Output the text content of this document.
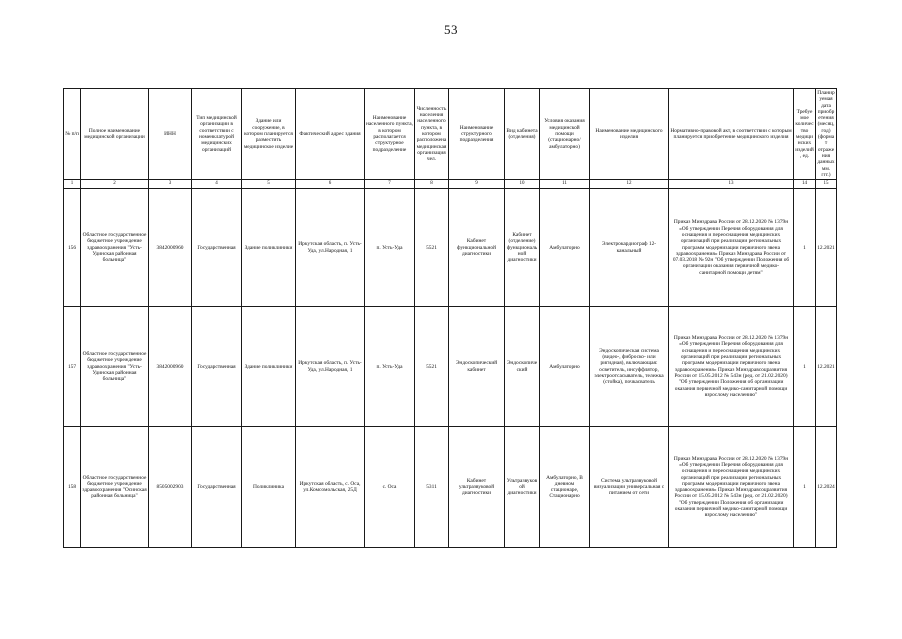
53
№ п/п	Полное наименование медицинской организации	ИНН	Тип медицинской организации в соответствии с номенклатурой медицинских организаций	Здание или сооружение, в котором планируется разместить медицинское изделие	Фактический адрес здания	Наименование населенного пункта, в котором располагается структурное подразделение	Численность населения населенного пункта, в котором расположена медицинская организация чел.	Наименование структурного подразделения	Вид кабинета (отделения)	Условия оказания медицинской помощи (стационарно/амбулаторно)	Наименование медицинского изделия	Нормативно-правовой акт, в соответствии с которым планируется приобретение медицинского изделия	Требуемое количество медицинских изделий, ед.	Планируемая дата приобретения (месяц, год) (формат отражения данных мм. ггг.)
1	2	3	4	5	6	7	8	9	10	11	12	13	14	15
156	Областное государственное бюджетное учреждение здравоохранения "Усть-Удинская районная больница"	3842000960	Государственная	Здание поликлиники	Иркутская область, п. Усть-Уда, ул.Народная, 1	п. Усть-Уда	5521	Кабинет функциональной диагностики	Кабинет (отделение) функциональной диагностики	Амбулаторно	Электрокардиограф 12-канальный	Приказ Минздрава России от 28.12.2020 № 1379н «Об утверждении Перечня оборудования для оснащения и переоснащения медицинских организаций при реализации региональных программ модернизации первичного звена здравоохранения» Приказ Минздрава России от 07.03.2018 № 92н "Об утверждении Положения об организации оказания первичной медико-санитарной помощи детям"	1	12.2021
157	Областное государственное бюджетное учреждение здравоохранения "Усть-Удинская районная больница"	3842000960	Государственная	Здание поликлиники	Иркутская область, п. Усть-Уда, ул.Народная, 1	п. Усть-Уда	5521	Эндоскопический кабинет	Эндоскопический	Амбулаторно	Эндоскопическая система (видео-, фиброско- или ригидная), включающая: осветитель, инсуффлятор, электроотсасыватель, тележка (стойка), почкасватель	Приказ Минздрава России от 28.12.2020 № 1379н «Об утверждении Перечня оборудования для оснащения и переоснащения медицинских организаций при реализации региональных программ модернизации первичного звена здравоохранения» Приказ Минздравсоцразвития России от 15.05.2012 № 543н (ред. от 21.02.2020) "Об утверждении Положения об организации оказания первичной медико-санитарной помощи взрослому населению"	1	12.2021
158	Областное государственное бюджетное учреждение здравоохранения "Осинская районная больница"	8505002903	Государственная	Поликлиника	Иркутская область, с. Оса, ул.Комсомольская, 25Д	с. Оса	5311	Кабинет ультразвуковой диагностики	Ультразвуковой диагностики	Амбулаторно, В дневном стационаре, Стационарно	Система ультразвуковой визуализации универсальная с питанием от сети	Приказ Минздрава России от 28.12.2020 № 1379н «Об утверждении Перечня оборудования для оснащения и переоснащения медицинских организаций при реализации региональных программ модернизации первичного звена здравоохранения» Приказ Минздравсоцразвития России от 15.05.2012 № 543н (ред. от 21.02.2020) "Об утверждении Положения об организации оказания первичной медико-санитарной помощи взрослому населению"	1	12.2024
